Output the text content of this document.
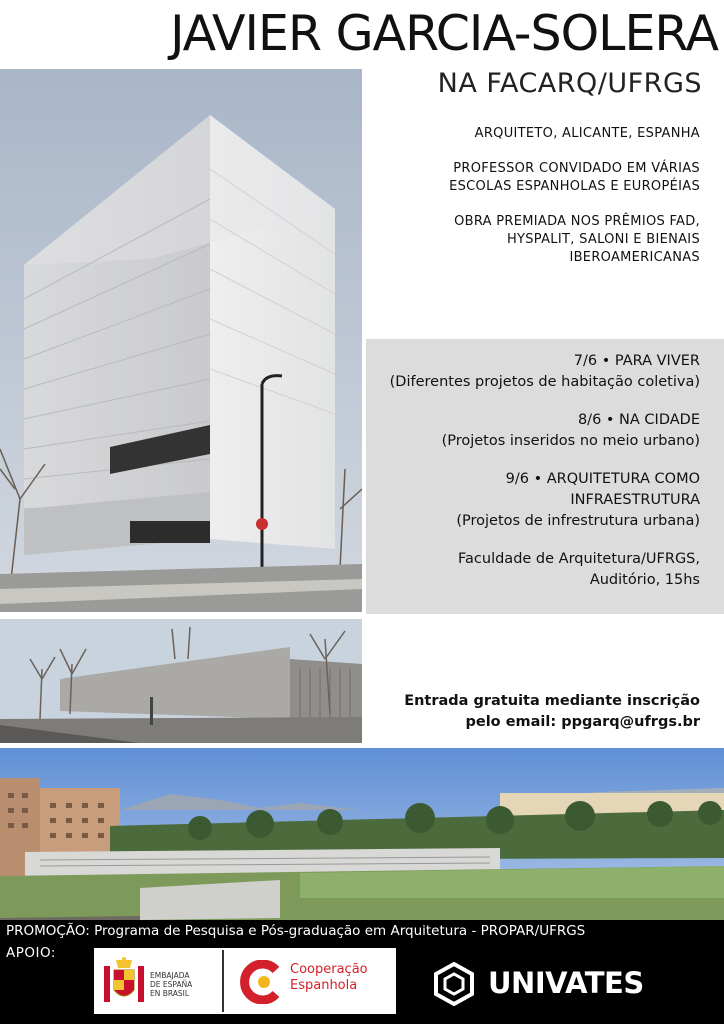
JAVIER GARCIA-SOLERA
NA FACARQ/UFRGS

ARQUITETO, ALICANTE, ESPANHA

PROFESSOR CONVIDADO EM VÁRIAS
ESCOLAS ESPANHOLAS E EUROPÉIAS

OBRA PREMIADA NOS PRÊMIOS FAD,
HYSPALIT, SALONI E BIENAIS
IBEROAMERICANAS

7/6 • PARA VIVER
(Diferentes projetos de habitação coletiva)

8/6 • NA CIDADE
(Projetos inseridos no meio urbano)

9/6 • ARQUITETURA COMO
INFRAESTRUTURA
(Projetos de infrestrutura urbana)

Faculdade de Arquitetura/UFRGS,
Auditório, 15hs

Entrada gratuita mediante inscrição
pelo email: ppgarq@ufrgs.br
PROMOÇÃO: Programa de Pesquisa e Pós-graduação em Arquitetura - PROPAR/UFRGS
APOIO:
EMBAJADA
DE ESPAÑA
EN BRASIL
Cooperação
Espanhola	UNIVATES
